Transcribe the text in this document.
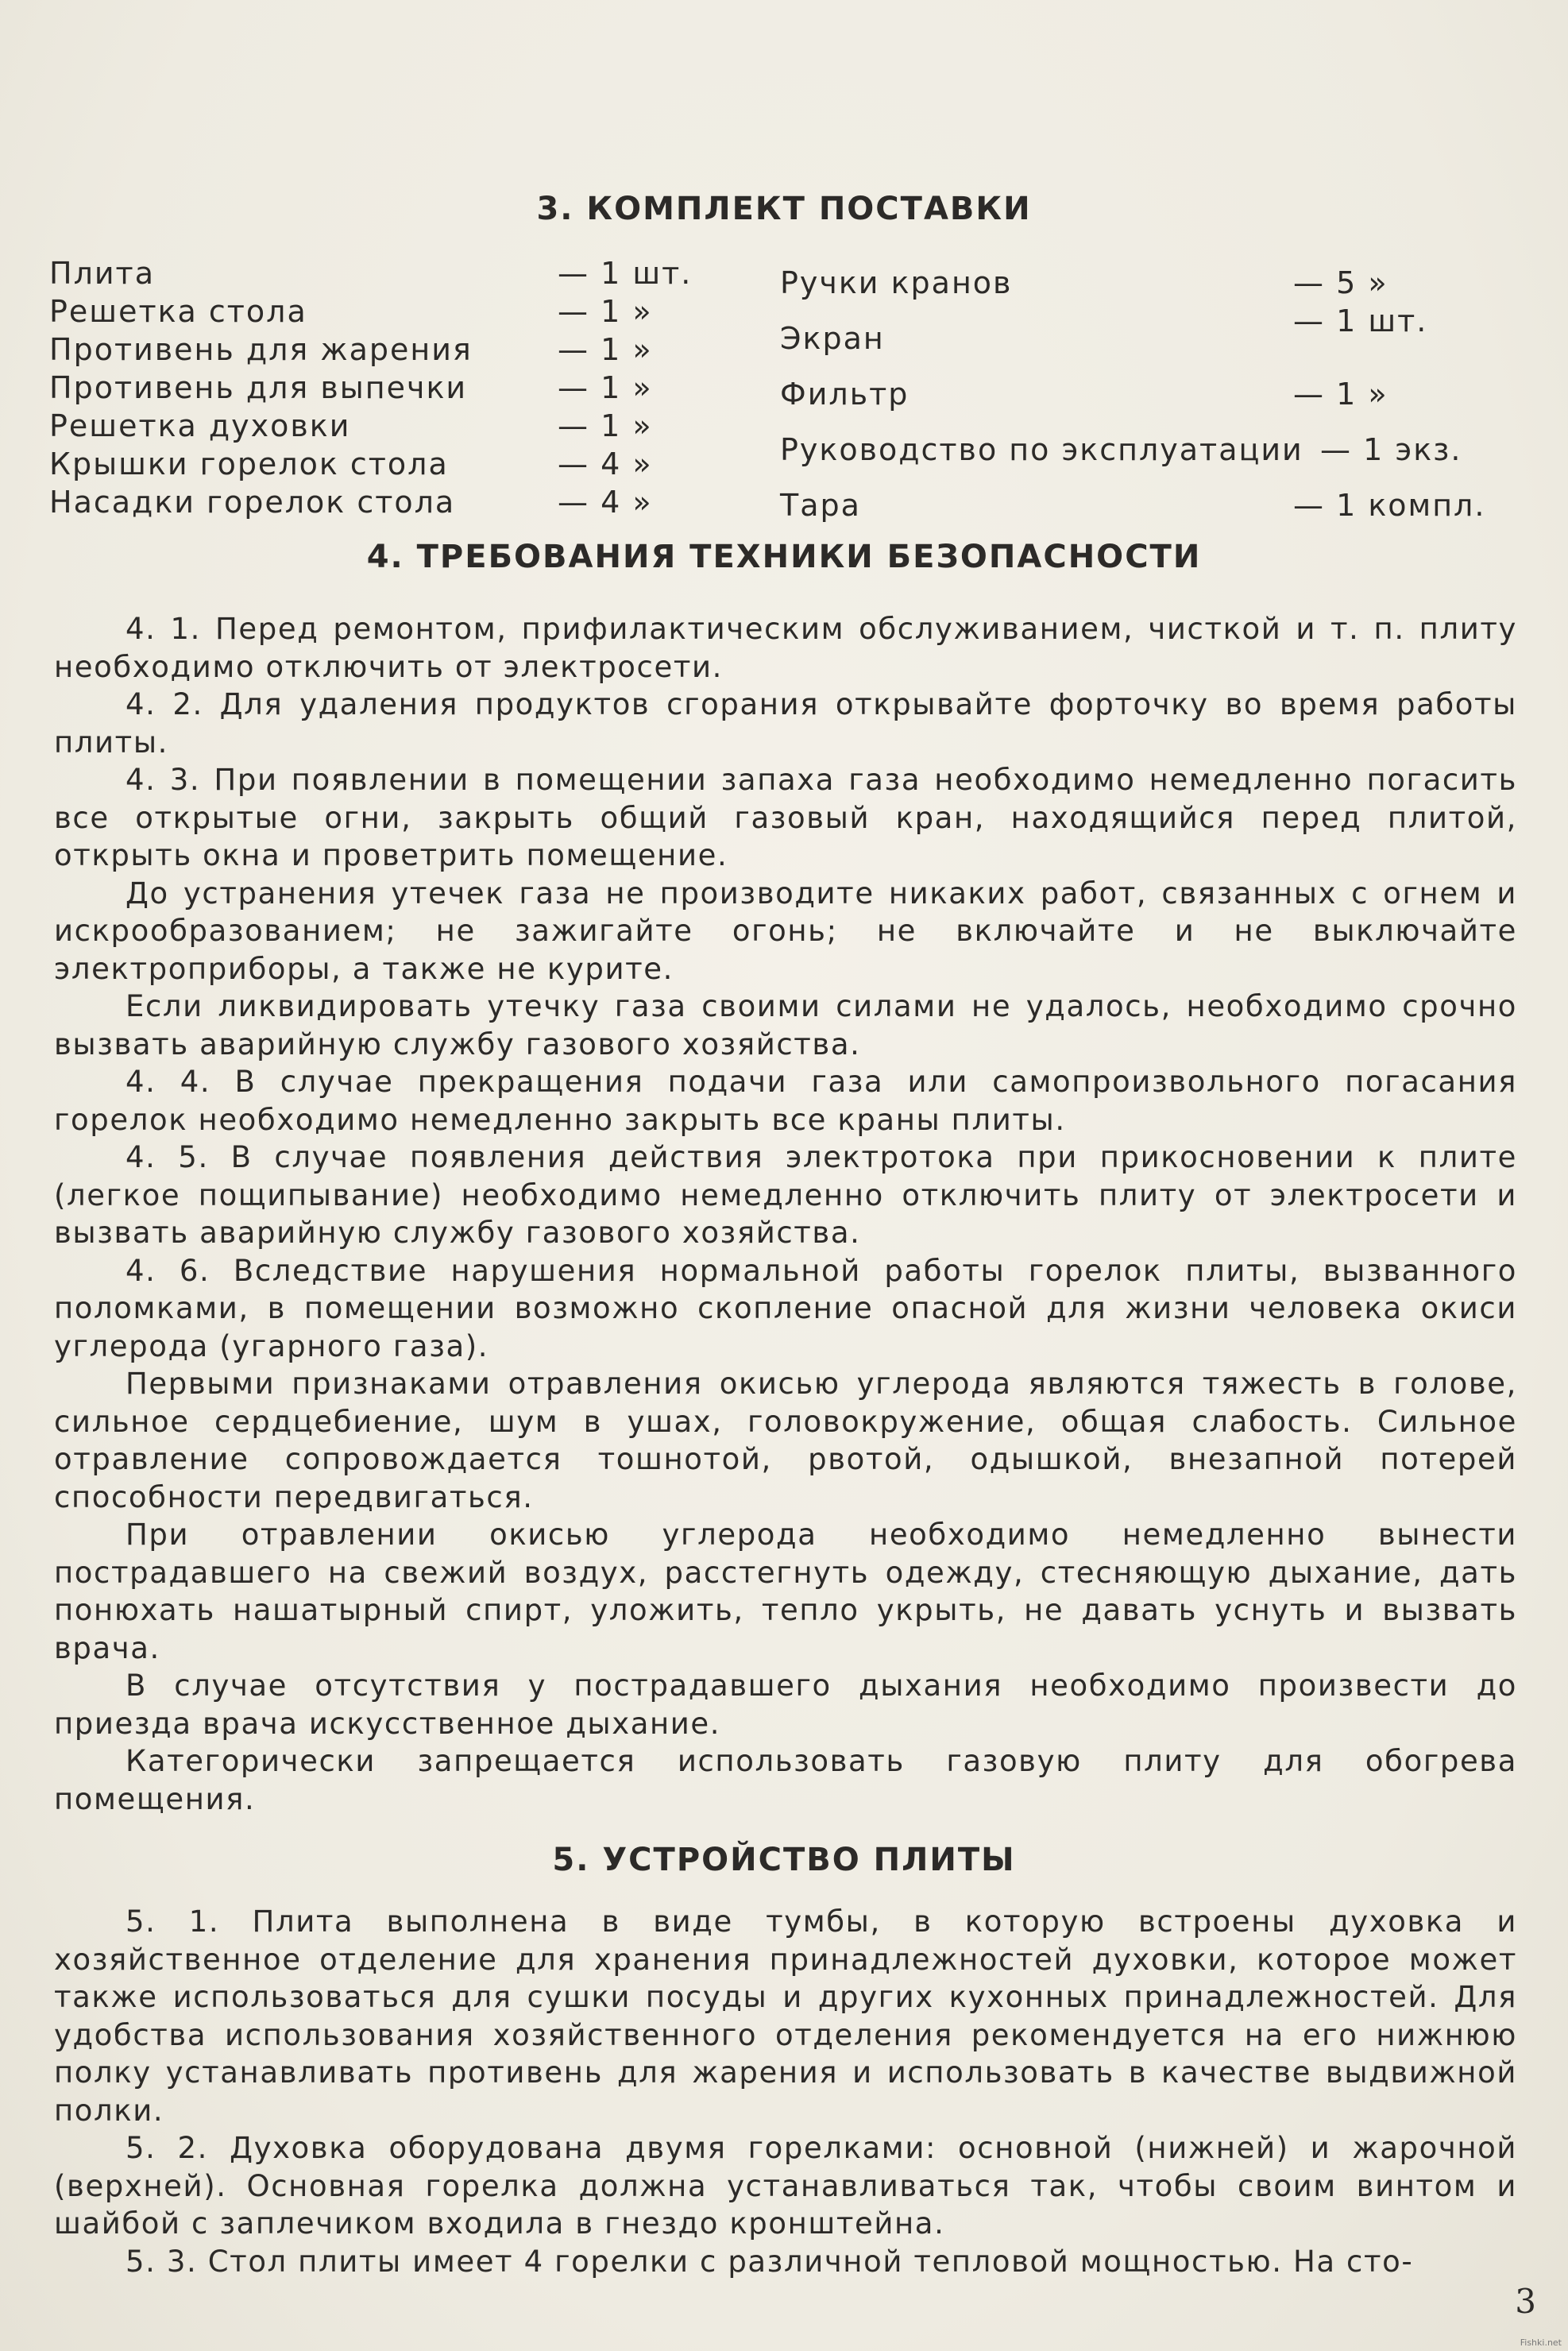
3. КОМПЛЕКТ ПОСТАВКИ
Плита	— 1 шт.
Решетка стола	— 1 »
Противень для жарения	— 1 »
Противень для выпечки	— 1 »
Решетка духовки	— 1 »
Крышки горелок стола	— 4 »
Насадки горелок стола	— 4 »
Ручки кранов	— 5 »
Экран	— 1 шт.
Фильтр	— 1 »
Руководство по эксплуатации — 1 экз.
Тара	— 1 компл.
4. ТРЕБОВАНИЯ ТЕХНИКИ БЕЗОПАСНОСТИ

4. 1. Перед ремонтом, прифилактическим обслуживанием, чисткой и т. п. плиту необходимо отключить от электросети.

4. 2. Для удаления продуктов сгорания открывайте форточку во время работы плиты.

4. 3. При появлении в помещении запаха газа необходимо немедленно погасить все открытые огни, закрыть общий газовый кран, находящийся перед плитой, открыть окна и проветрить помещение.

До устранения утечек газа не производите никаких работ, связанных с огнем и искрообразованием; не зажигайте огонь; не включайте и не выключайте электроприборы, а также не курите.

Если ликвидировать утечку газа своими силами не удалось, необходимо срочно вызвать аварийную службу газового хозяйства.

4. 4. В случае прекращения подачи газа или самопроизвольного погасания горелок необходимо немедленно закрыть все краны плиты.

4. 5. В случае появления действия электротока при прикосновении к плите (легкое пощипывание) необходимо немедленно отключить плиту от электросети и вызвать аварийную службу газового хозяйства.

4. 6. Вследствие нарушения нормальной работы горелок плиты, вызванного поломками, в помещении возможно скопление опасной для жизни человека окиси углерода (угарного газа).

Первыми признаками отравления окисью углерода являются тяжесть в голове, сильное сердцебиение, шум в ушах, головокружение, общая слабость. Сильное отравление сопровождается тошнотой, рвотой, одышкой, внезапной потерей способности передвигаться.

При отравлении окисью углерода необходимо немедленно вынести пострадавшего на свежий воздух, расстегнуть одежду, стесняющую дыхание, дать понюхать нашатырный спирт, уложить, тепло укрыть, не давать уснуть и вызвать врача.

В случае отсутствия у пострадавшего дыхания необходимо произвести до приезда врача искусственное дыхание.

Категорически запрещается использовать газовую плиту для обогрева помещения.

5. УСТРОЙСТВО ПЛИТЫ

5. 1. Плита выполнена в виде тумбы, в которую встроены духовка и хозяйственное отделение для хранения принадлежностей духовки, которое может также использоваться для сушки посуды и других кухонных принадлежностей. Для удобства использования хозяйственного отделения рекомендуется на его нижнюю полку устанавливать противень для жарения и использовать в качестве выдвижной полки.

5. 2. Духовка оборудована двумя горелками: основной (нижней) и жарочной (верхней). Основная горелка должна устанавливаться так, чтобы своим винтом и шайбой с заплечиком входила в гнездо кронштейна.

5. 3. Стол плиты имеет 4 горелки с различной тепловой мощностью. На сто-

3
Fishki.net
